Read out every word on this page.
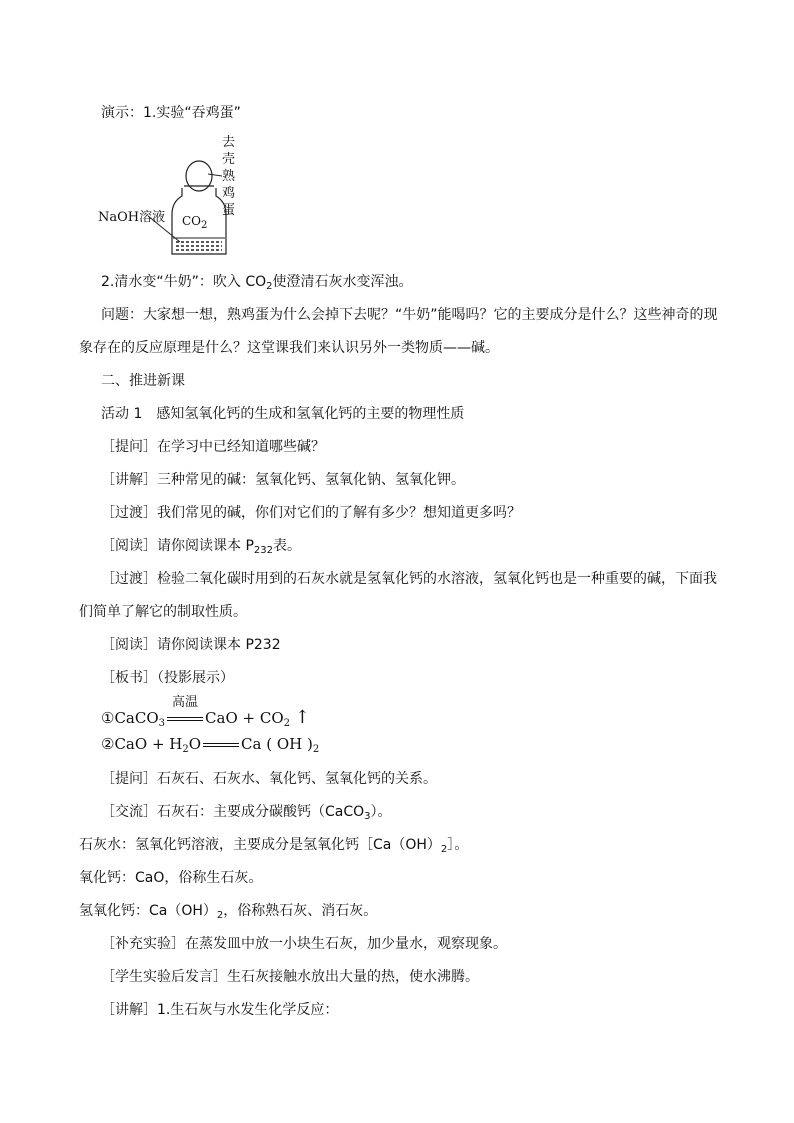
演示：1.实验“吞鸡蛋”
NaOH溶液 $CO_2$
去
壳
熟
鸡
蛋
2.清水变“牛奶”：吹入 $CO_2$使澄清石灰水变浑浊。
问题：大家想一想，熟鸡蛋为什么会掉下去呢？“牛奶”能喝吗？它的主要成分是什么？这些神奇的现
象存在的反应原理是什么？这堂课我们来认识另外一类物质——碱。
二、推进新课
活动 1　感知氢氧化钙的生成和氢氧化钙的主要的物理性质
［提问］在学习中已经知道哪些碱？
［讲解］三种常见的碱：氢氧化钙、氢氧化钠、氢氧化钾。
［过渡］我们常见的碱，你们对它们的了解有多少？想知道更多吗？
［阅读］请你阅读课本 $P_{232}$表。
［过渡］检验二氧化碳时用到的石灰水就是氢氧化钙的水溶液，氢氧化钙也是一种重要的碱，下面我
们简单了解它的制取性质。
［阅读］请你阅读课本 P232
［板书］（投影展示）
①CaCO$_3$
高温
CaO + $CO_2$ ↑
②CaO + $H_2O$	Ca ( OH )$_2$
［提问］石灰石、石灰水、氧化钙、氢氧化钙的关系。
［交流］石灰石：主要成分碳酸钙（CaCO$_3$）。
石灰水：氢氧化钙溶液，主要成分是氢氧化钙$[Ca(OH)_2]$。
氧化钙：CaO，俗称生石灰。
氢氧化钙：$Ca(OH)_2$，俗称熟石灰、消石灰。
［补充实验］在蒸发皿中放一小块生石灰，加少量水，观察现象。
［学生实验后发言］生石灰接触水放出大量的热，使水沸腾。
［讲解］1.生石灰与水发生化学反应：
